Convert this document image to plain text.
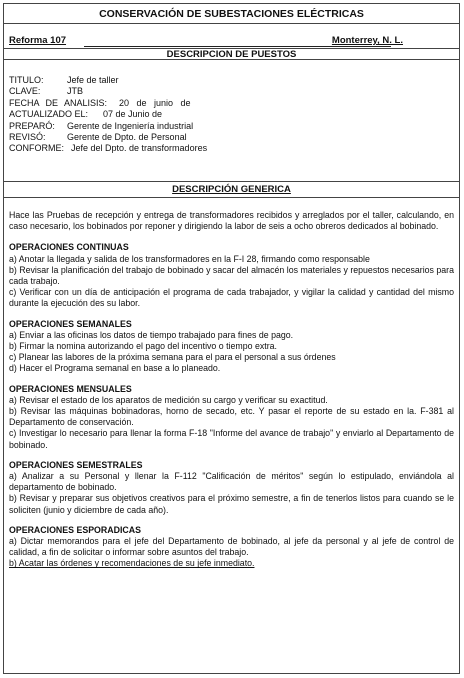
CONSERVACIÓN DE SUBESTACIONES ELÉCTRICAS
Reforma 107	Monterrey, N. L.
DESCRIPCION DE PUESTOS
TITULO:	Jefe de taller
CLAVE:	JTB
FECHA DE ANALISIS: 20 de junio de
ACTUALIZADO EL: 07 de Junio de
PREPARÓ: Gerente de Ingeniería industrial
REVISÓ: Gerente de Dpto. de Personal
CONFORME: Jefe del Dpto. de transformadores
DESCRIPCIÓN GENERICA

Hace las Pruebas de recepción y entrega de transformadores recibidos y arreglados por el taller, calculando, en caso necesario, los bobinados por reponer y dirigiendo la labor de seis a ocho obreros dedicados al bobinado.

OPERACIONES CONTINUAS

a) Anotar la llegada y salida de los transformadores en la F-I 28, firmando como responsable

b) Revisar la planificación del trabajo de bobinado y sacar del almacén los materiales y repuestos necesarios para cada trabajo.

c) Verificar con un día de anticipación el programa de cada trabajador, y vigilar la calidad y cantidad del mismo durante la ejecución des su labor.

OPERACIONES SEMANALES

a) Enviar a las oficinas los datos de tiempo trabajado para fines de pago.

b) Firmar la nomina autorizando el pago del incentivo o tiempo extra.

c) Planear las labores de la próxima semana para el para el personal a sus órdenes

d) Hacer el Programa semanal en base a lo planeado.

OPERACIONES MENSUALES

a) Revisar el estado de los aparatos de medición su cargo y verificar su exactitud.

b) Revisar las máquinas bobinadoras, horno de secado, etc. Y pasar el reporte de su estado en la. F-381 al Departamento de conservación.

c) Investigar lo necesario para llenar la forma F-18 "Informe del avance de trabajo" y enviarlo al Departamento de bobinado.

OPERACIONES SEMESTRALES

a) Analizar a su Personal y llenar la F-112 "Calificación de méritos" según lo estipulado, enviándola al departamento de bobinado.

b) Revisar y preparar sus objetivos creativos para el próximo semestre, a fin de tenerlos listos para cuando se le soliciten (junio y diciembre de cada año).

OPERACIONES ESPORADICAS

a) Dictar memorandos para el jefe del Departamento de bobinado, al jefe da personal y al jefe de control de calidad, a fin de solicitar o informar sobre asuntos del trabajo.

b) Acatar las órdenes y recomendaciones de su jefe inmediato.
